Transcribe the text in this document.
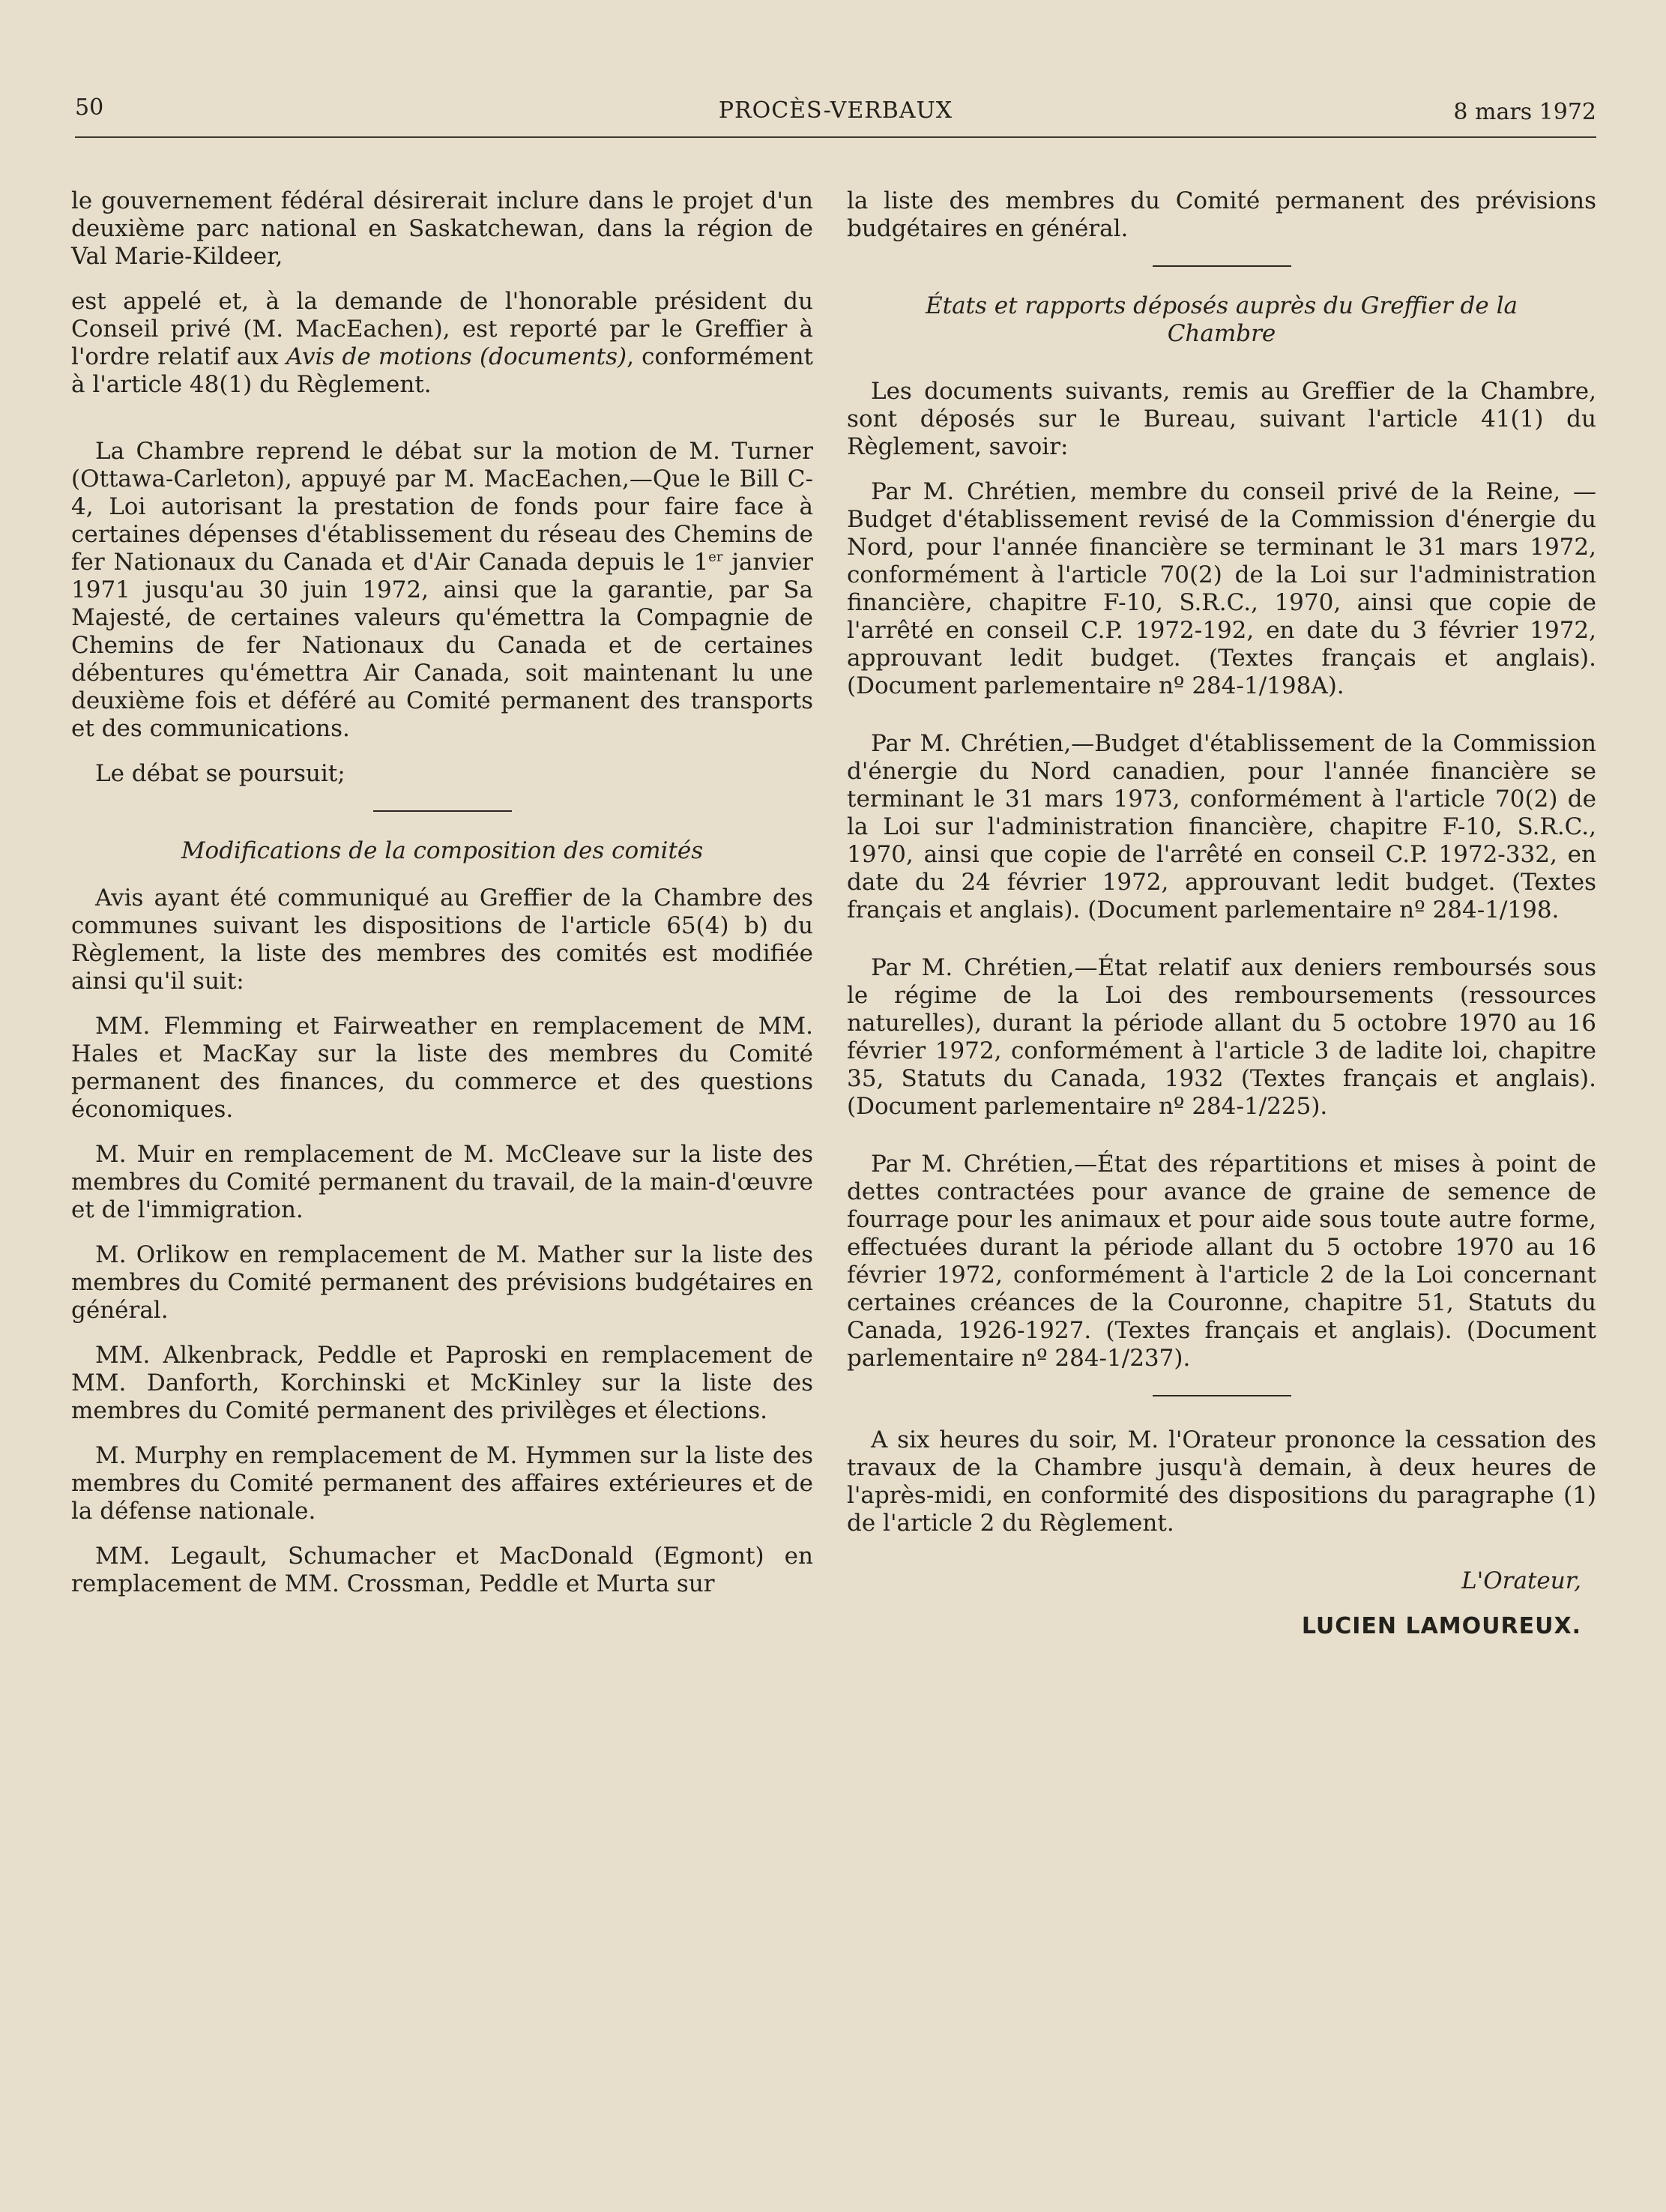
50	PROCÈS-VERBAUX	8 mars 1972

le gouvernement fédéral désirerait inclure dans le projet d'un deuxième parc national en Saskatchewan, dans la région de Val Marie-Kildeer,

est appelé et, à la demande de l'honorable président du Conseil privé (M. MacEachen), est reporté par le Greffier à l'ordre relatif aux Avis de motions (documents), conformément à l'article 48(1) du Règlement.

La Chambre reprend le débat sur la motion de M. Turner (Ottawa-Carleton), appuyé par M. MacEachen,—Que le Bill C-4, Loi autorisant la prestation de fonds pour faire face à certaines dépenses d'établissement du réseau des Chemins de fer Nationaux du Canada et d'Air Canada depuis le 1er janvier 1971 jusqu'au 30 juin 1972, ainsi que la garantie, par Sa Majesté, de certaines valeurs qu'émettra la Compagnie de Chemins de fer Nationaux du Canada et de certaines débentures qu'émettra Air Canada, soit maintenant lu une deuxième fois et déféré au Comité permanent des transports et des communications.

Le débat se poursuit;

Modifications de la composition des comités

Avis ayant été communiqué au Greffier de la Chambre des communes suivant les dispositions de l'article 65(4) b) du Règlement, la liste des membres des comités est modifiée ainsi qu'il suit:

MM. Flemming et Fairweather en remplacement de MM. Hales et MacKay sur la liste des membres du Comité permanent des finances, du commerce et des questions économiques.

M. Muir en remplacement de M. McCleave sur la liste des membres du Comité permanent du travail, de la main-d'œuvre et de l'immigration.

M. Orlikow en remplacement de M. Mather sur la liste des membres du Comité permanent des prévisions budgétaires en général.

MM. Alkenbrack, Peddle et Paproski en remplacement de MM. Danforth, Korchinski et McKinley sur la liste des membres du Comité permanent des privilèges et élections.

M. Murphy en remplacement de M. Hymmen sur la liste des membres du Comité permanent des affaires extérieures et de la défense nationale.

MM. Legault, Schumacher et MacDonald (Egmont) en remplacement de MM. Crossman, Peddle et Murta sur

la liste des membres du Comité permanent des prévisions budgétaires en général.

États et rapports déposés auprès du Greffier de la Chambre

Les documents suivants, remis au Greffier de la Chambre, sont déposés sur le Bureau, suivant l'article 41(1) du Règlement, savoir:

Par M. Chrétien, membre du conseil privé de la Reine, —Budget d'établissement revisé de la Commission d'énergie du Nord, pour l'année financière se terminant le 31 mars 1972, conformément à l'article 70(2) de la Loi sur l'administration financière, chapitre F-10, S.R.C., 1970, ainsi que copie de l'arrêté en conseil C.P. 1972-192, en date du 3 février 1972, approuvant ledit budget. (Textes français et anglais). (Document parlementaire nº 284-1/198A).

Par M. Chrétien,—Budget d'établissement de la Commission d'énergie du Nord canadien, pour l'année financière se terminant le 31 mars 1973, conformément à l'article 70(2) de la Loi sur l'administration financière, chapitre F-10, S.R.C., 1970, ainsi que copie de l'arrêté en conseil C.P. 1972-332, en date du 24 février 1972, approuvant ledit budget. (Textes français et anglais). (Document parlementaire nº 284-1/198.

Par M. Chrétien,—État relatif aux deniers remboursés sous le régime de la Loi des remboursements (ressources naturelles), durant la période allant du 5 octobre 1970 au 16 février 1972, conformément à l'article 3 de ladite loi, chapitre 35, Statuts du Canada, 1932 (Textes français et anglais). (Document parlementaire nº 284-1/225).

Par M. Chrétien,—État des répartitions et mises à point de dettes contractées pour avance de graine de semence de fourrage pour les animaux et pour aide sous toute autre forme, effectuées durant la période allant du 5 octobre 1970 au 16 février 1972, conformément à l'article 2 de la Loi concernant certaines créances de la Couronne, chapitre 51, Statuts du Canada, 1926-1927. (Textes français et anglais). (Document parlementaire nº 284-1/237).

A six heures du soir, M. l'Orateur prononce la cessation des travaux de la Chambre jusqu'à demain, à deux heures de l'après-midi, en conformité des dispositions du paragraphe (1) de l'article 2 du Règlement.

L'Orateur,

LUCIEN LAMOUREUX.
